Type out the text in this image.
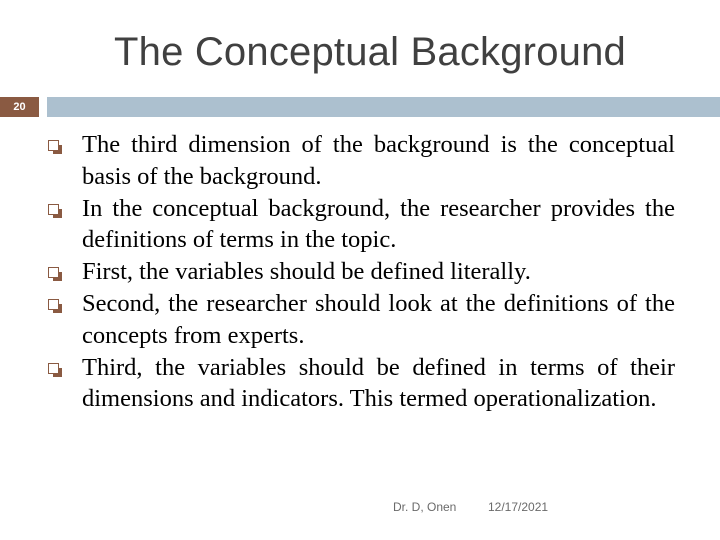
The Conceptual Background
20
The third dimension of the background is the conceptual basis of the background.
In the conceptual background, the researcher provides the definitions of terms in the topic.
First, the variables should be defined literally.
Second, the researcher should look at the definitions of the concepts from experts.
Third, the variables should be defined in terms of their dimensions and indicators. This termed operationalization.
Dr. D, Onen	12/17/2021
